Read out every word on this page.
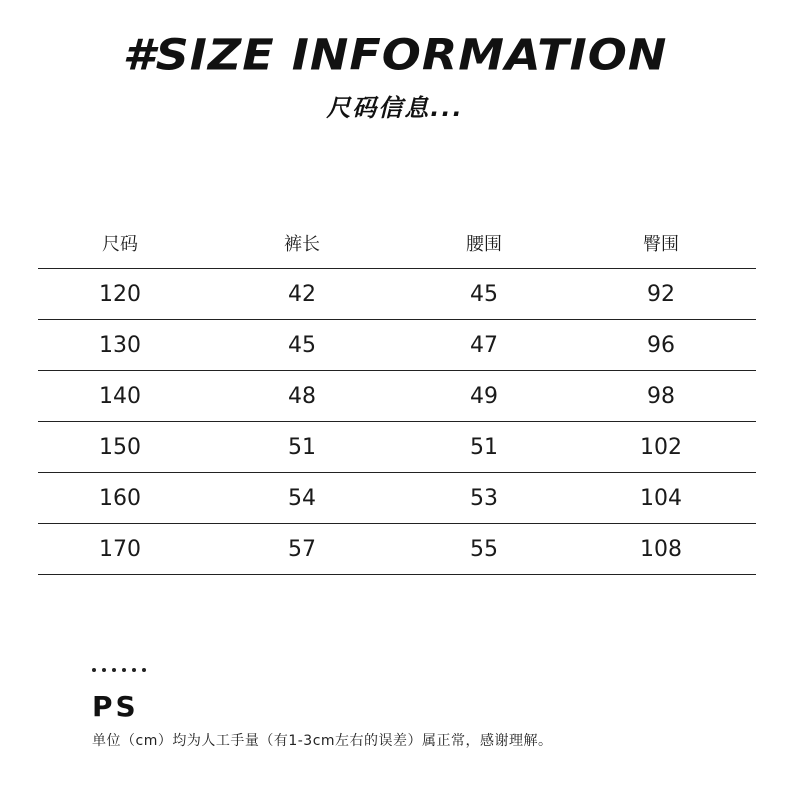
#SIZE INFORMATION
尺码信息...
尺码	裤长	腰围	臀围
120	42	45	92
130	45	47	96
140	48	49	98
150	51	51	102
160	54	53	104
170	57	55	108
PS
单位（cm）均为人工手量（有1-3cm左右的误差）属正常，感谢理解。
